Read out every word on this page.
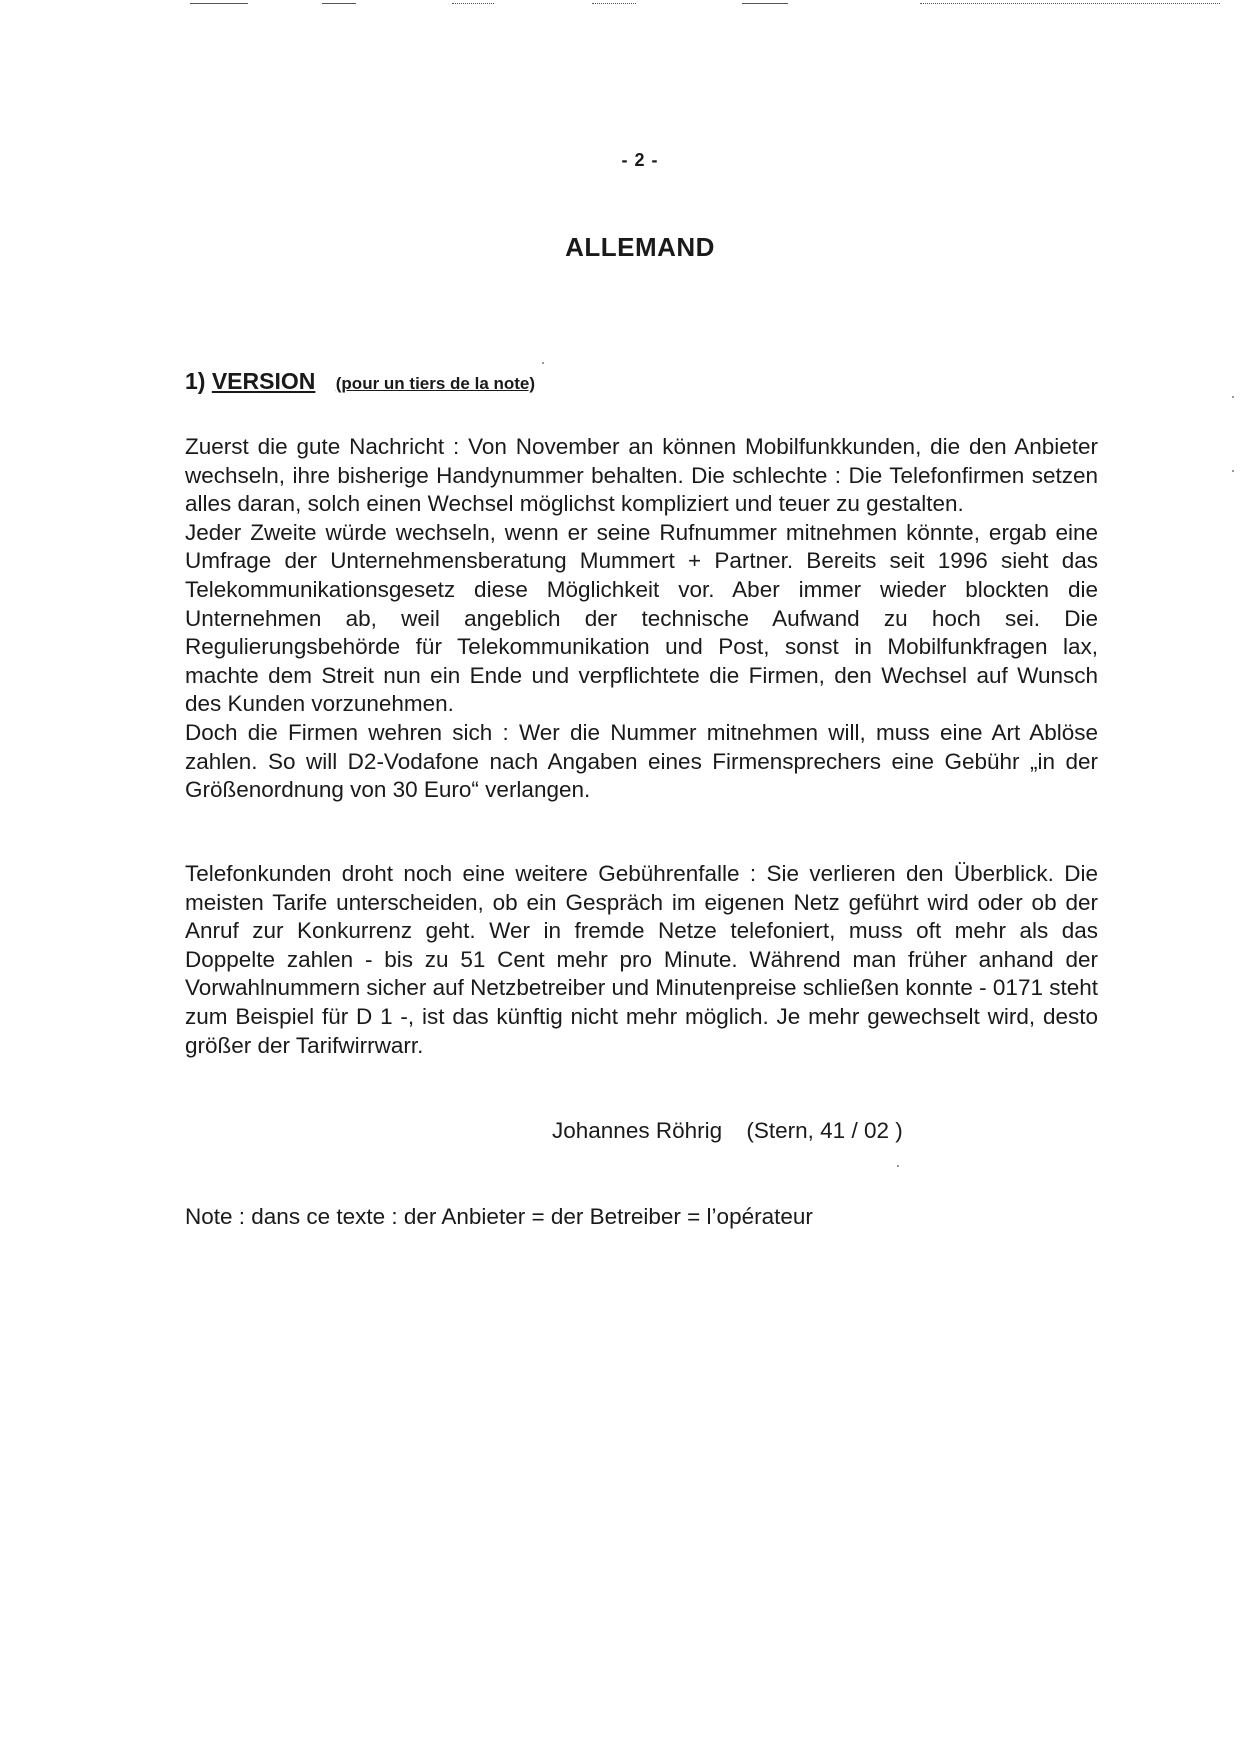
- 2 -
ALLEMAND
1) VERSION (pour un tiers de la note)

Zuerst die gute Nachricht : Von November an können Mobilfunkkunden, die den Anbieter wechseln, ihre bisherige Handynummer behalten. Die schlechte : Die Telefonfirmen setzen alles daran, solch einen Wechsel möglichst kompliziert und teuer zu gestalten.

Jeder Zweite würde wechseln, wenn er seine Rufnummer mitnehmen könnte, ergab eine Umfrage der Unternehmensberatung Mummert + Partner. Bereits seit 1996 sieht das Telekommunikationsgesetz diese Möglichkeit vor. Aber immer wieder blockten die Unternehmen ab, weil angeblich der technische Aufwand zu hoch sei. Die Regulierungsbehörde für Telekommunikation und Post, sonst in Mobilfunkfragen lax, machte dem Streit nun ein Ende und verpflichtete die Firmen, den Wechsel auf Wunsch des Kunden vorzunehmen.

Doch die Firmen wehren sich : Wer die Nummer mitnehmen will, muss eine Art Ablöse zahlen. So will D2-Vodafone nach Angaben eines Firmensprechers eine Gebühr „in der Größenordnung von 30 Euro“ verlangen.

Telefonkunden droht noch eine weitere Gebührenfalle : Sie verlieren den Überblick. Die meisten Tarife unterscheiden, ob ein Gespräch im eigenen Netz geführt wird oder ob der Anruf zur Konkurrenz geht. Wer in fremde Netze telefoniert, muss oft mehr als das Doppelte zahlen - bis zu 51 Cent mehr pro Minute. Während man früher anhand der Vorwahlnummern sicher auf Netzbetreiber und Minutenpreise schließen konnte - 0171 steht zum Beispiel für D 1 -, ist das künftig nicht mehr möglich. Je mehr gewechselt wird, desto größer der Tarifwirrwarr.

Johannes Röhrig (Stern, 41 / 02 )
Note : dans ce texte : der Anbieter = der Betreiber = l’opérateur
